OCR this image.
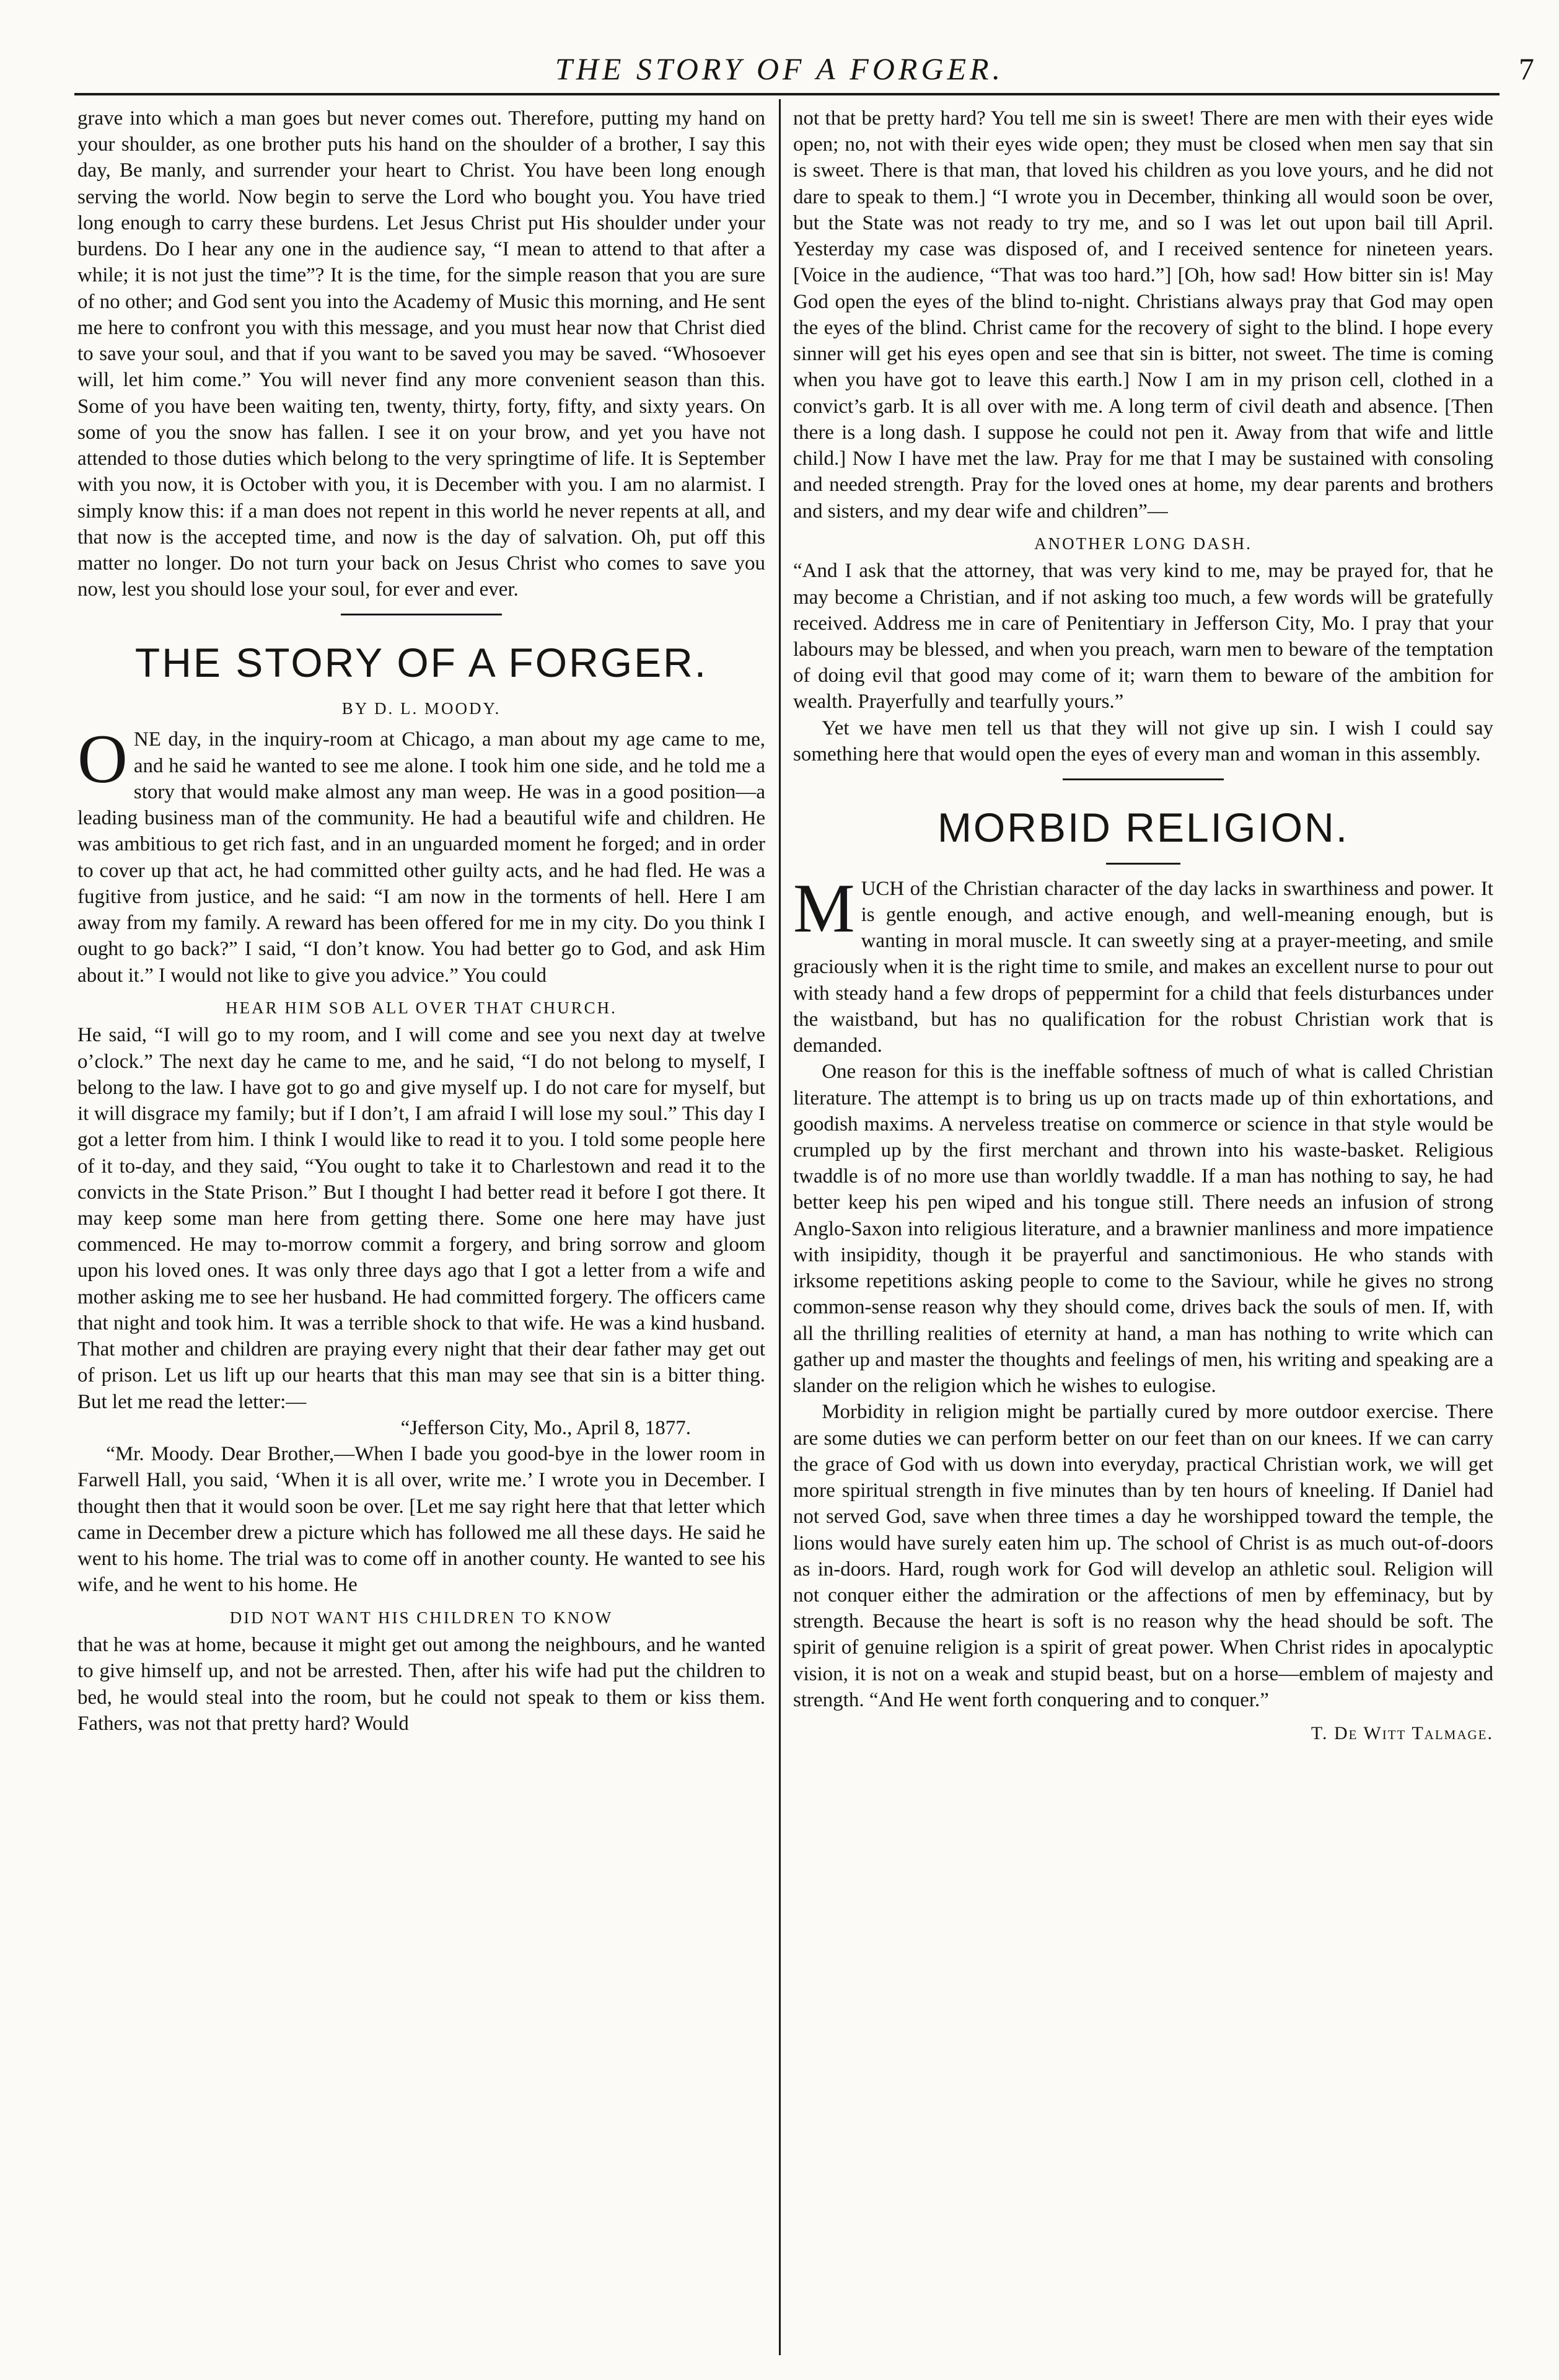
THE STORY OF A FORGER.	7

grave into which a man goes but never comes out. Therefore, putting my hand on your shoulder, as one brother puts his hand on the shoulder of a brother, I say this day, Be manly, and surrender your heart to Christ. You have been long enough serving the world. Now begin to serve the Lord who bought you. You have tried long enough to carry these burdens. Let Jesus Christ put His shoulder under your burdens. Do I hear any one in the audience say, “I mean to attend to that after a while; it is not just the time”? It is the time, for the simple reason that you are sure of no other; and God sent you into the Academy of Music this morning, and He sent me here to confront you with this message, and you must hear now that Christ died to save your soul, and that if you want to be saved you may be saved. “Whosoever will, let him come.” You will never find any more convenient season than this. Some of you have been waiting ten, twenty, thirty, forty, fifty, and sixty years. On some of you the snow has fallen. I see it on your brow, and yet you have not attended to those duties which belong to the very springtime of life. It is September with you now, it is October with you, it is December with you. I am no alarmist. I simply know this: if a man does not repent in this world he never repents at all, and that now is the accepted time, and now is the day of salvation. Oh, put off this matter no longer. Do not turn your back on Jesus Christ who comes to save you now, lest you should lose your soul, for ever and ever.

THE STORY OF A FORGER.
BY D. L. MOODY.

ONE day, in the inquiry-room at Chicago, a man about my age came to me, and he said he wanted to see me alone. I took him one side, and he told me a story that would make almost any man weep. He was in a good position—a leading business man of the community. He had a beautiful wife and children. He was ambitious to get rich fast, and in an unguarded moment he forged; and in order to cover up that act, he had committed other guilty acts, and he had fled. He was a fugitive from justice, and he said: “I am now in the torments of hell. Here I am away from my family. A reward has been offered for me in my city. Do you think I ought to go back?” I said, “I don’t know. You had better go to God, and ask Him about it.” I would not like to give you advice.” You could

HEAR HIM SOB ALL OVER THAT CHURCH.

He said, “I will go to my room, and I will come and see you next day at twelve o’clock.” The next day he came to me, and he said, “I do not belong to myself, I belong to the law. I have got to go and give myself up. I do not care for myself, but it will disgrace my family; but if I don’t, I am afraid I will lose my soul.” This day I got a letter from him. I think I would like to read it to you. I told some people here of it to-day, and they said, “You ought to take it to Charlestown and read it to the convicts in the State Prison.” But I thought I had better read it before I got there. It may keep some man here from getting there. Some one here may have just commenced. He may to-morrow commit a forgery, and bring sorrow and gloom upon his loved ones. It was only three days ago that I got a letter from a wife and mother asking me to see her husband. He had committed forgery. The officers came that night and took him. It was a terrible shock to that wife. He was a kind husband. That mother and children are praying every night that their dear father may get out of prison. Let us lift up our hearts that this man may see that sin is a bitter thing. But let me read the letter:—

“Jefferson City, Mo., April 8, 1877.

“Mr. Moody. Dear Brother,—When I bade you good-bye in the lower room in Farwell Hall, you said, ‘When it is all over, write me.’ I wrote you in December. I thought then that it would soon be over. [Let me say right here that that letter which came in December drew a picture which has followed me all these days. He said he went to his home. The trial was to come off in another county. He wanted to see his wife, and he went to his home. He

DID NOT WANT HIS CHILDREN TO KNOW

that he was at home, because it might get out among the neighbours, and he wanted to give himself up, and not be arrested. Then, after his wife had put the children to bed, he would steal into the room, but he could not speak to them or kiss them. Fathers, was not that pretty hard? Would

not that be pretty hard? You tell me sin is sweet! There are men with their eyes wide open; no, not with their eyes wide open; they must be closed when men say that sin is sweet. There is that man, that loved his children as you love yours, and he did not dare to speak to them.] “I wrote you in December, thinking all would soon be over, but the State was not ready to try me, and so I was let out upon bail till April. Yesterday my case was disposed of, and I received sentence for nineteen years. [Voice in the audience, “That was too hard.”] [Oh, how sad! How bitter sin is! May God open the eyes of the blind to-night. Christians always pray that God may open the eyes of the blind. Christ came for the recovery of sight to the blind. I hope every sinner will get his eyes open and see that sin is bitter, not sweet. The time is coming when you have got to leave this earth.] Now I am in my prison cell, clothed in a convict’s garb. It is all over with me. A long term of civil death and absence. [Then there is a long dash. I suppose he could not pen it. Away from that wife and little child.] Now I have met the law. Pray for me that I may be sustained with consoling and needed strength. Pray for the loved ones at home, my dear parents and brothers and sisters, and my dear wife and children”—

ANOTHER LONG DASH.

“And I ask that the attorney, that was very kind to me, may be prayed for, that he may become a Christian, and if not asking too much, a few words will be gratefully received. Address me in care of Penitentiary in Jefferson City, Mo. I pray that your labours may be blessed, and when you preach, warn men to beware of the temptation of doing evil that good may come of it; warn them to beware of the ambition for wealth. Prayerfully and tearfully yours.”

Yet we have men tell us that they will not give up sin. I wish I could say something here that would open the eyes of every man and woman in this assembly.

MORBID RELIGION.

MUCH of the Christian character of the day lacks in swarthiness and power. It is gentle enough, and active enough, and well-meaning enough, but is wanting in moral muscle. It can sweetly sing at a prayer-meeting, and smile graciously when it is the right time to smile, and makes an excellent nurse to pour out with steady hand a few drops of peppermint for a child that feels disturbances under the waistband, but has no qualification for the robust Christian work that is demanded.

One reason for this is the ineffable softness of much of what is called Christian literature. The attempt is to bring us up on tracts made up of thin exhortations, and goodish maxims. A nerveless treatise on commerce or science in that style would be crumpled up by the first merchant and thrown into his waste-basket. Religious twaddle is of no more use than worldly twaddle. If a man has nothing to say, he had better keep his pen wiped and his tongue still. There needs an infusion of strong Anglo-Saxon into religious literature, and a brawnier manliness and more impatience with insipidity, though it be prayerful and sanctimonious. He who stands with irksome repetitions asking people to come to the Saviour, while he gives no strong common-sense reason why they should come, drives back the souls of men. If, with all the thrilling realities of eternity at hand, a man has nothing to write which can gather up and master the thoughts and feelings of men, his writing and speaking are a slander on the religion which he wishes to eulogise.

Morbidity in religion might be partially cured by more outdoor exercise. There are some duties we can perform better on our feet than on our knees. If we can carry the grace of God with us down into everyday, practical Christian work, we will get more spiritual strength in five minutes than by ten hours of kneeling. If Daniel had not served God, save when three times a day he worshipped toward the temple, the lions would have surely eaten him up. The school of Christ is as much out-of-doors as in-doors. Hard, rough work for God will develop an athletic soul. Religion will not conquer either the admiration or the affections of men by effeminacy, but by strength. Because the heart is soft is no reason why the head should be soft. The spirit of genuine religion is a spirit of great power. When Christ rides in apocalyptic vision, it is not on a weak and stupid beast, but on a horse—emblem of majesty and strength. “And He went forth conquering and to conquer.”

T. De Witt Talmage.
